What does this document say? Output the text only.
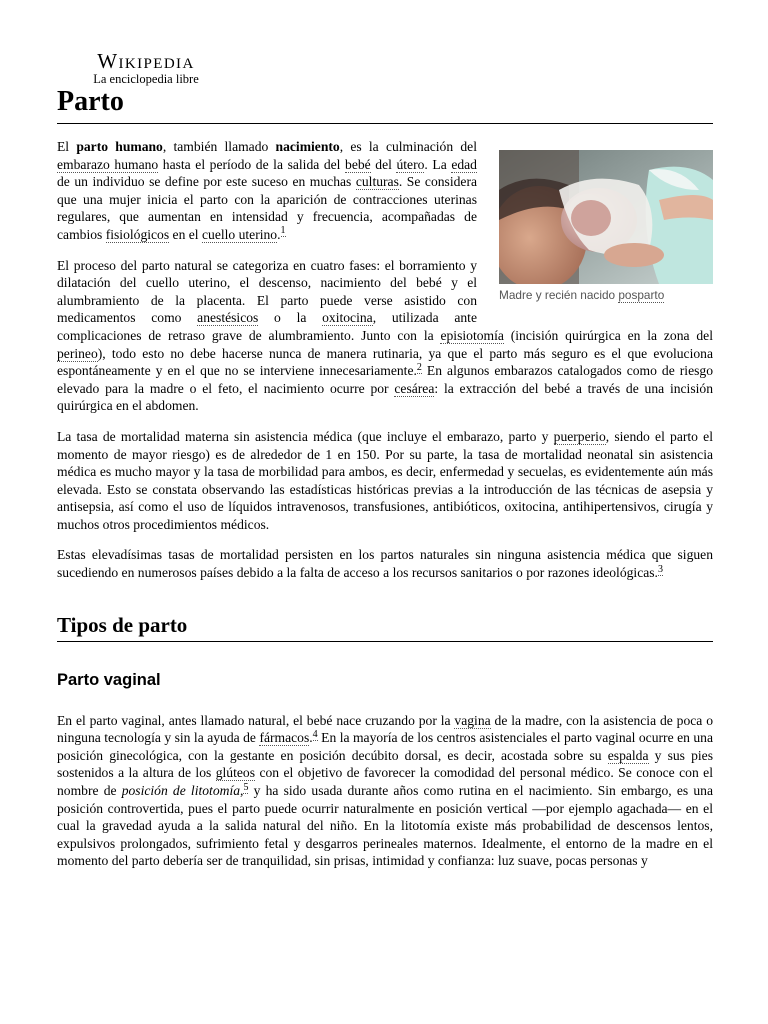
Wikipedia
La enciclopedia libre
Parto
Madre y recién nacido posparto

El parto humano, también llamado nacimiento, es la culminación del embarazo humano hasta el período de la salida del bebé del útero. La edad de un individuo se define por este suceso en muchas culturas. Se considera que una mujer inicia el parto con la aparición de contracciones uterinas regulares, que aumentan en intensidad y frecuencia, acompañadas de cambios fisiológicos en el cuello uterino.$^1$

El proceso del parto natural se categoriza en cuatro fases: el borramiento y dilatación del cuello uterino, el descenso, nacimiento del bebé y el alumbramiento de la placenta. El parto puede verse asistido con medicamentos como anestésicos o la oxitocina, utilizada ante complicaciones de retraso grave de alumbramiento. Junto con la episiotomía (incisión quirúrgica en la zona del perineo), todo esto no debe hacerse nunca de manera rutinaria, ya que el parto más seguro es el que evoluciona espontáneamente y en el que no se interviene innecesariamente.$^2$ En algunos embarazos catalogados como de riesgo elevado para la madre o el feto, el nacimiento ocurre por cesárea: la extracción del bebé a través de una incisión quirúrgica en el abdomen.

La tasa de mortalidad materna sin asistencia médica (que incluye el embarazo, parto y puerperio, siendo el parto el momento de mayor riesgo) es de alrededor de 1 en 150. Por su parte, la tasa de mortalidad neonatal sin asistencia médica es mucho mayor y la tasa de morbilidad para ambos, es decir, enfermedad y secuelas, es evidentemente aún más elevada. Esto se constata observando las estadísticas históricas previas a la introducción de las técnicas de asepsia y antisepsia, así como el uso de líquidos intravenosos, transfusiones, antibióticos, oxitocina, antihipertensivos, cirugía y muchos otros procedimientos médicos.

Estas elevadísimas tasas de mortalidad persisten en los partos naturales sin ninguna asistencia médica que siguen sucediendo en numerosos países debido a la falta de acceso a los recursos sanitarios o por razones ideológicas.$^3$

Tipos de parto
Parto vaginal

En el parto vaginal, antes llamado natural, el bebé nace cruzando por la vagina de la madre, con la asistencia de poca o ninguna tecnología y sin la ayuda de fármacos.$^4$ En la mayoría de los centros asistenciales el parto vaginal ocurre en una posición ginecológica, con la gestante en posición decúbito dorsal, es decir, acostada sobre su espalda y sus pies sostenidos a la altura de los glúteos con el objetivo de favorecer la comodidad del personal médico. Se conoce con el nombre de posición de litotomía,$^5$ y ha sido usada durante años como rutina en el nacimiento. Sin embargo, es una posición controvertida, pues el parto puede ocurrir naturalmente en posición vertical —por ejemplo agachada— en el cual la gravedad ayuda a la salida natural del niño. En la litotomía existe más probabilidad de descensos lentos, expulsivos prolongados, sufrimiento fetal y desgarros perineales maternos. Idealmente, el entorno de la madre en el momento del parto debería ser de tranquilidad, sin prisas, intimidad y confianza: luz suave, pocas personas y
